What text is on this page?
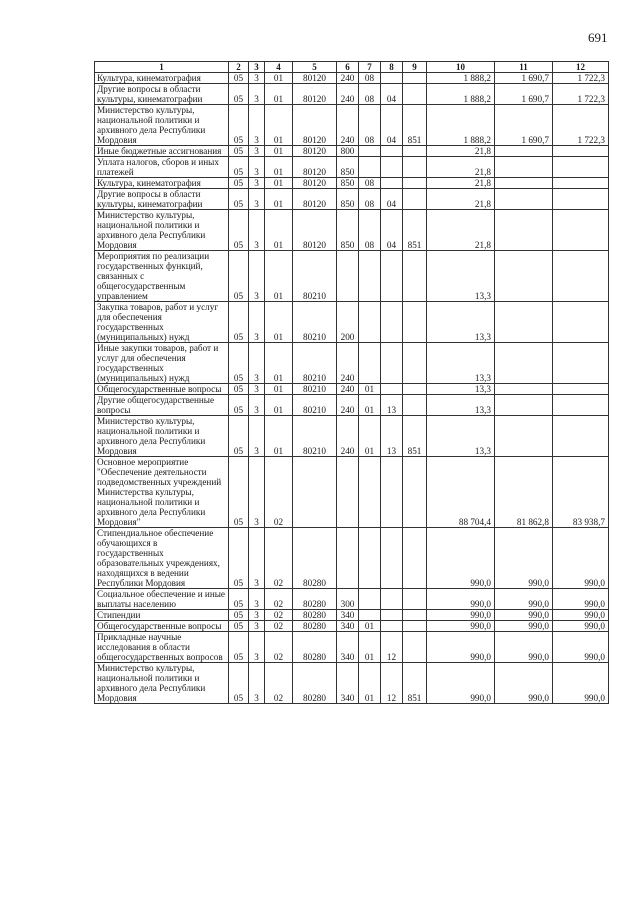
691
1	2	3	4	5	6	7	8	9	10	11	12
Культура, кинематография	05	3	01	80120	240	08			1 888,2	1 690,7	1 722,3
Другие вопросы в области культуры, кинематографии	05	3	01	80120	240	08	04		1 888,2	1 690,7	1 722,3
Министерство культуры, национальной политики и архивного дела Республики Мордовия	05	3	01	80120	240	08	04	851	1 888,2	1 690,7	1 722,3
Иные бюджетные ассигнования	05	3	01	80120	800				21,8		
Уплата налогов, сборов и иных платежей	05	3	01	80120	850				21,8		
Культура, кинематография	05	3	01	80120	850	08			21,8		
Другие вопросы в области культуры, кинематографии	05	3	01	80120	850	08	04		21,8		
Министерство культуры, национальной политики и архивного дела Республики Мордовия	05	3	01	80120	850	08	04	851	21,8		
Мероприятия по реализации государственных функций, связанных с общегосударственным управлением	05	3	01	80210					13,3		
Закупка товаров, работ и услуг для обеспечения государственных (муниципальных) нужд	05	3	01	80210	200				13,3		
Иные закупки товаров, работ и услуг для обеспечения государственных (муниципальных) нужд	05	3	01	80210	240				13,3		
Общегосударственные вопросы	05	3	01	80210	240	01			13,3		
Другие общегосударственные вопросы	05	3	01	80210	240	01	13		13,3		
Министерство культуры, национальной политики и архивного дела Республики Мордовия	05	3	01	80210	240	01	13	851	13,3		
Основное мероприятие "Обеспечение деятельности подведомственных учреждений Министерства культуры, национальной политики и архивного дела Республики Мордовия"	05	3	02						88 704,4	81 862,8	83 938,7
Стипендиальное обеспечение обучающихся в государственных образовательных учреждениях, находящихся в ведении Республики Мордовия	05	3	02	80280					990,0	990,0	990,0
Социальное обеспечение и иные выплаты населению	05	3	02	80280	300				990,0	990,0	990,0
Стипендии	05	3	02	80280	340				990,0	990,0	990,0
Общегосударственные вопросы	05	3	02	80280	340	01			990,0	990,0	990,0
Прикладные научные исследования в области общегосударственных вопросов	05	3	02	80280	340	01	12		990,0	990,0	990,0
Министерство культуры, национальной политики и архивного дела Республики Мордовия	05	3	02	80280	340	01	12	851	990,0	990,0	990,0
